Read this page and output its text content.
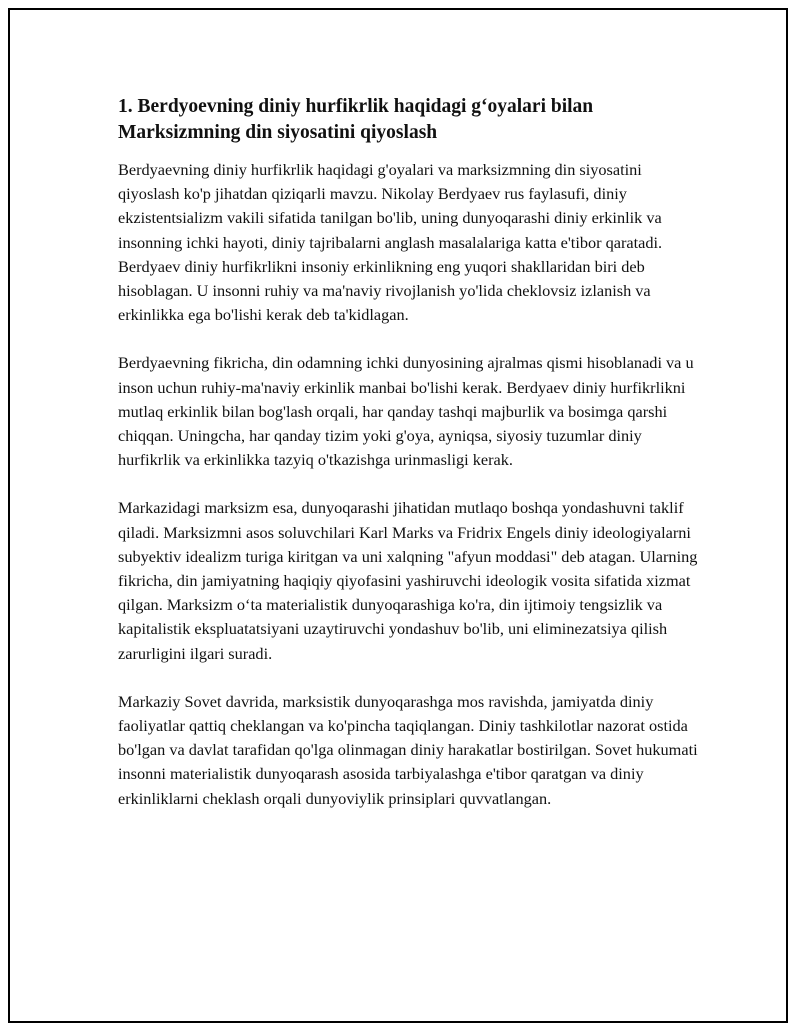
1. Berdyoevning diniy hurfikrlik haqidagi g‘oyalari bilan Marksizmning din siyosatini qiyoslash

Berdyaevning diniy hurfikrlik haqidagi g'oyalari va marksizmning din siyosatini qiyoslash ko'p jihatdan qiziqarli mavzu. Nikolay Berdyaev rus faylasufi, diniy ekzistentsializm vakili sifatida tanilgan bo'lib, uning dunyoqarashi diniy erkinlik va insonning ichki hayoti, diniy tajribalarni anglash masalalariga katta e'tibor qaratadi. Berdyaev diniy hurfikrlikni insoniy erkinlikning eng yuqori shakllaridan biri deb hisoblagan. U insonni ruhiy va ma'naviy rivojlanish yo'lida cheklovsiz izlanish va erkinlikka ega bo'lishi kerak deb ta'kidlagan.

Berdyaevning fikricha, din odamning ichki dunyosining ajralmas qismi hisoblanadi va u inson uchun ruhiy-ma'naviy erkinlik manbai bo'lishi kerak. Berdyaev diniy hurfikrlikni mutlaq erkinlik bilan bog'lash orqali, har qanday tashqi majburlik va bosimga qarshi chiqqan. Uningcha, har qanday tizim yoki g'oya, ayniqsa, siyosiy tuzumlar diniy hurfikrlik va erkinlikka tazyiq o'tkazishga urinmasligi kerak.

Markazidagi marksizm esa, dunyoqarashi jihatidan mutlaqo boshqa yondashuvni taklif qiladi. Marksizmni asos soluvchilari Karl Marks va Fridrix Engels diniy ideologiyalarni subyektiv idealizm turiga kiritgan va uni xalqning "afyun moddasi" deb atagan. Ularning fikricha, din jamiyatning haqiqiy qiyofasini yashiruvchi ideologik vosita sifatida xizmat qilgan. Marksizm o‘ta materialistik dunyoqarashiga ko'ra, din ijtimoiy tengsizlik va kapitalistik ekspluatatsiyani uzaytiruvchi yondashuv bo'lib, uni eliminezatsiya qilish zarurligini ilgari suradi.

Markaziy Sovet davrida, marksistik dunyoqarashga mos ravishda, jamiyatda diniy faoliyatlar qattiq cheklangan va ko'pincha taqiqlangan. Diniy tashkilotlar nazorat ostida bo'lgan va davlat tarafidan qo'lga olinmagan diniy harakatlar bostirilgan. Sovet hukumati insonni materialistik dunyoqarash asosida tarbiyalashga e'tibor qaratgan va diniy erkinliklarni cheklash orqali dunyoviylik prinsiplari quvvatlangan.
